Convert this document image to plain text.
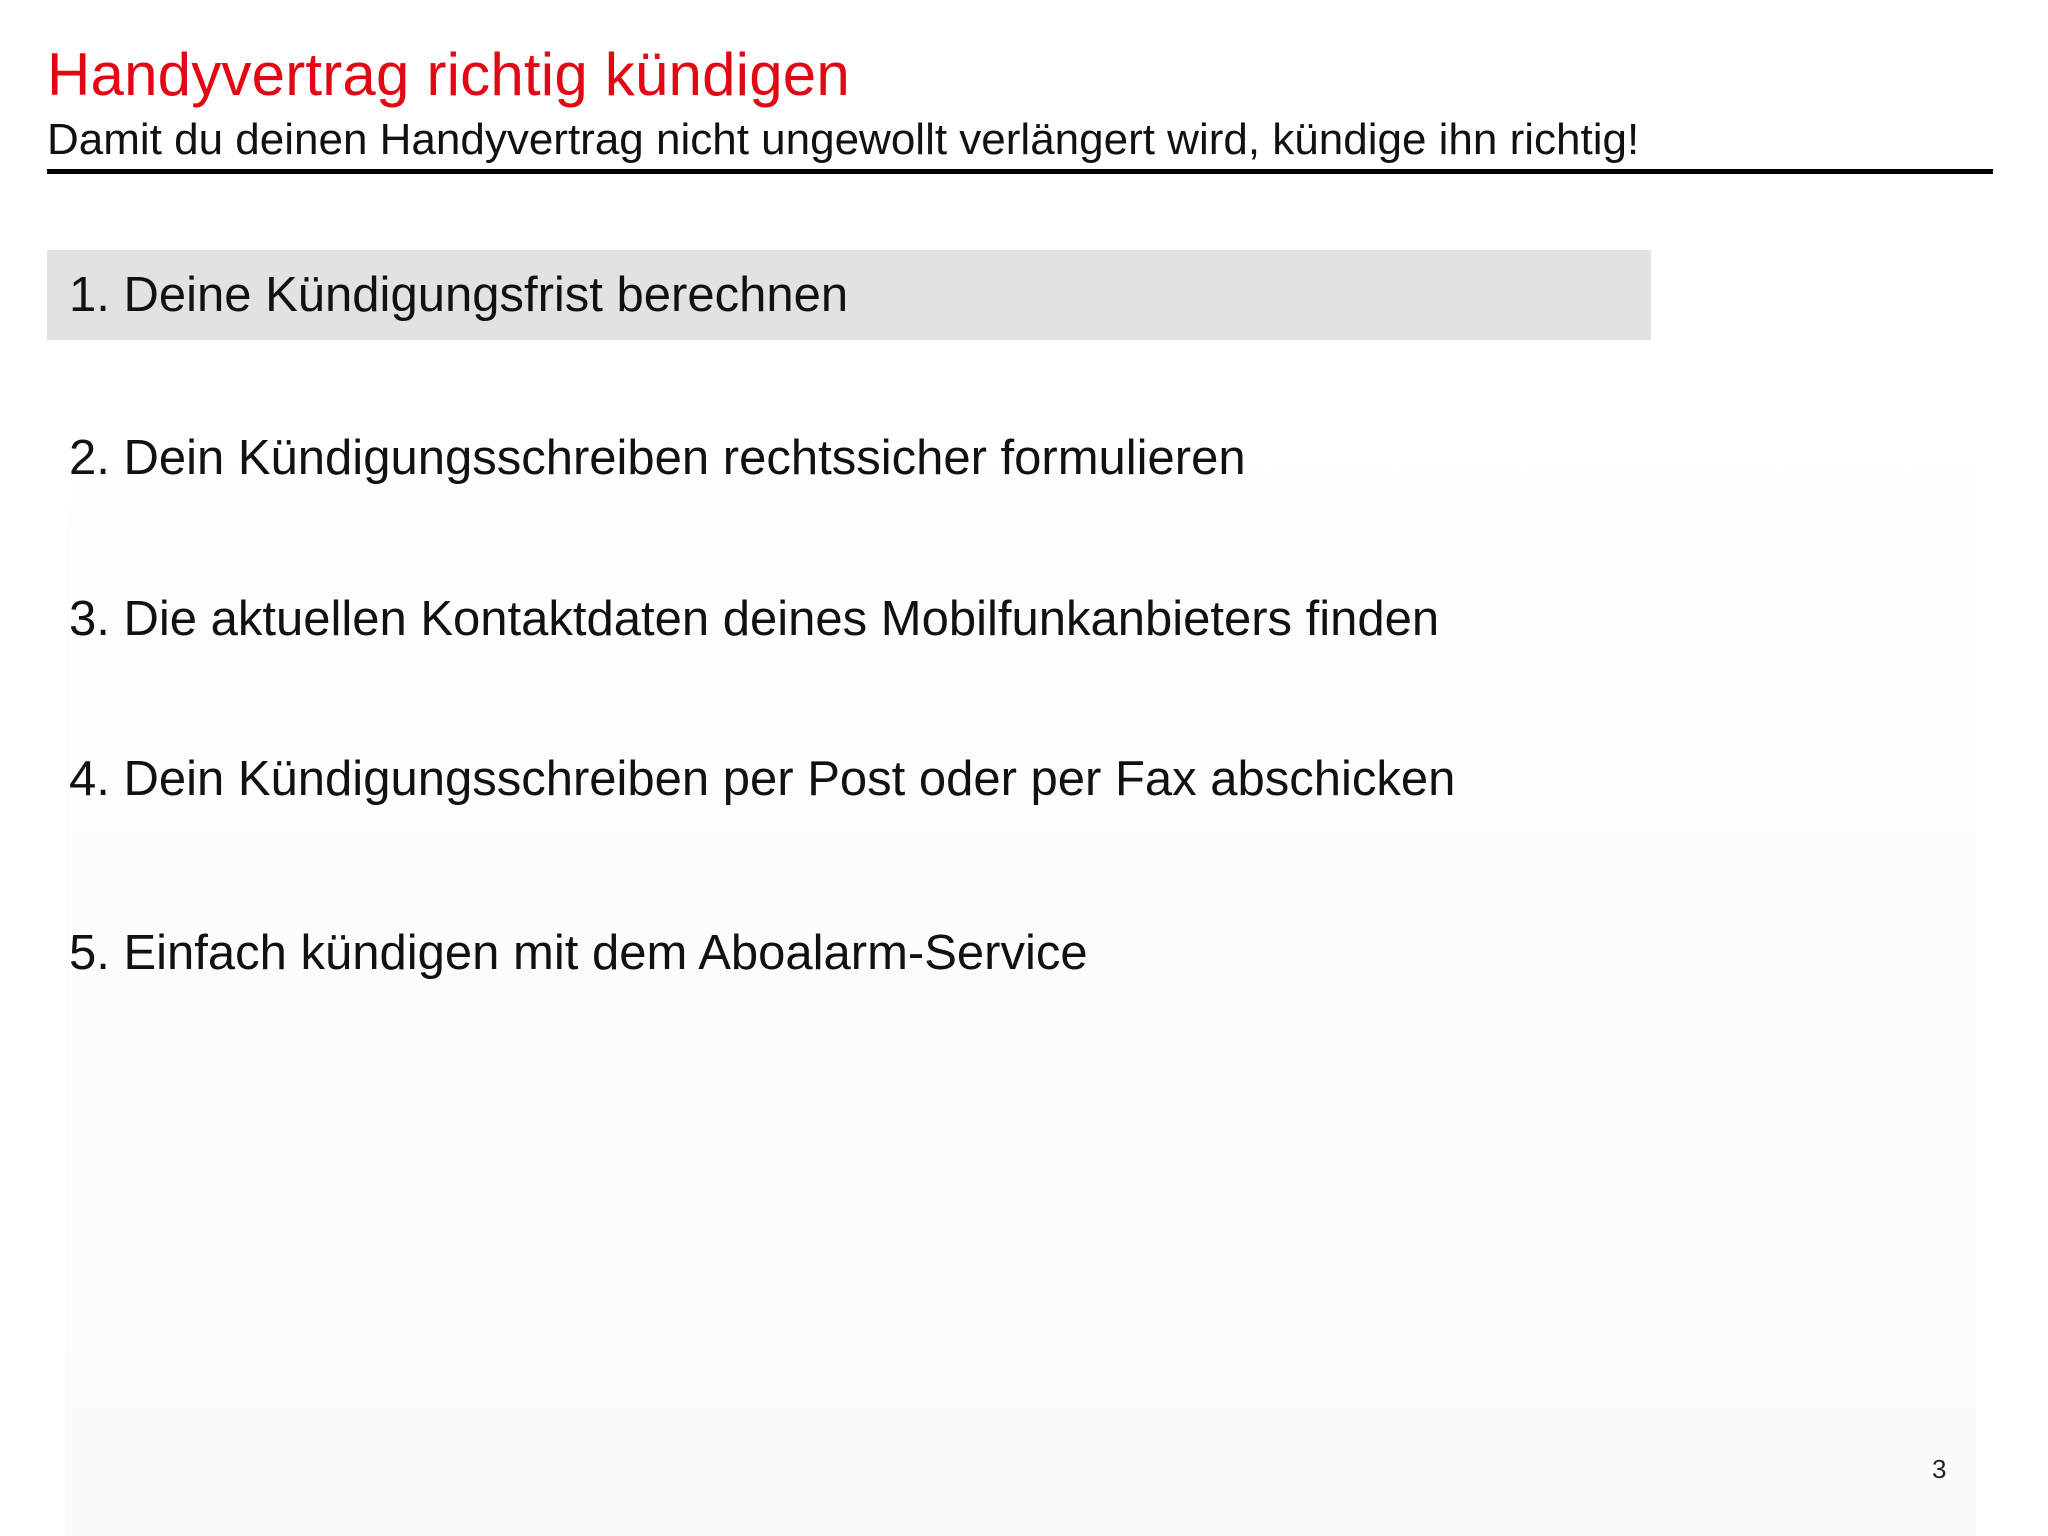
Handyvertrag richtig kündigen

Damit du deinen Handyvertrag nicht ungewollt verlängert wird, kündige ihn richtig!

1. Deine Kündigungsfrist berechnen
2. Dein Kündigungsschreiben rechtssicher formulieren
3. Die aktuellen Kontaktdaten deines Mobilfunkanbieters finden
4. Dein Kündigungsschreiben per Post oder per Fax abschicken
5. Einfach kündigen mit dem Aboalarm-Service
3
